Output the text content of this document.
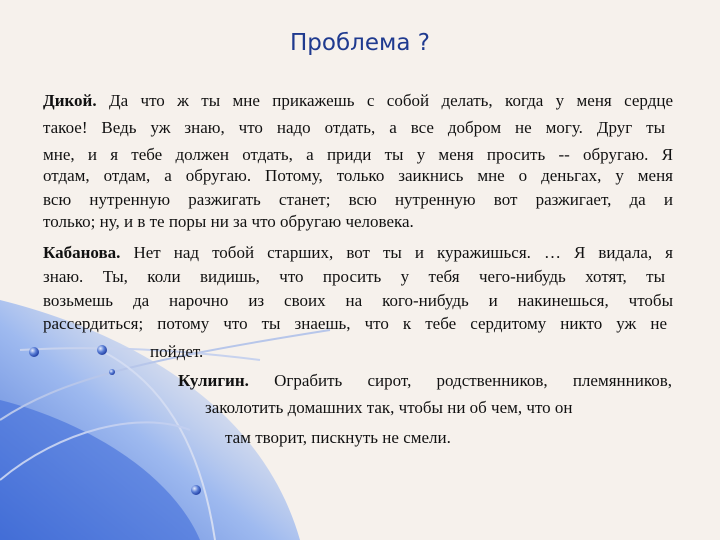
Проблема ?
Дикой. Да что ж ты мне прикажешь с собой делать, когда у меня сердце
такое! Ведь уж знаю, что надо отдать, а все добром не могу. Друг ты
мне, и я тебе должен отдать, а приди ты у меня просить -- обругаю. Я
отдам, отдам, а обругаю. Потому, только заикнись мне о деньгах, у меня
всю нутренную разжигать станет; всю нутренную вот разжигает, да и
только; ну, и в те поры ни за что обругаю человека.
Кабанова. Нет над тобой старших, вот ты и куражишься. … Я видала, я
знаю. Ты, коли видишь, что просить у тебя чего-нибудь хотят, ты
возьмешь да нарочно из своих на кого-нибудь и накинешься, чтобы
рассердиться; потому что ты знаешь, что к тебе сердитому никто уж не
пойдет.
Кулигин. Ограбить сирот, родственников, племянников,
заколотить домашних так, чтобы ни об чем, что он
там творит, пискнуть не смели.
